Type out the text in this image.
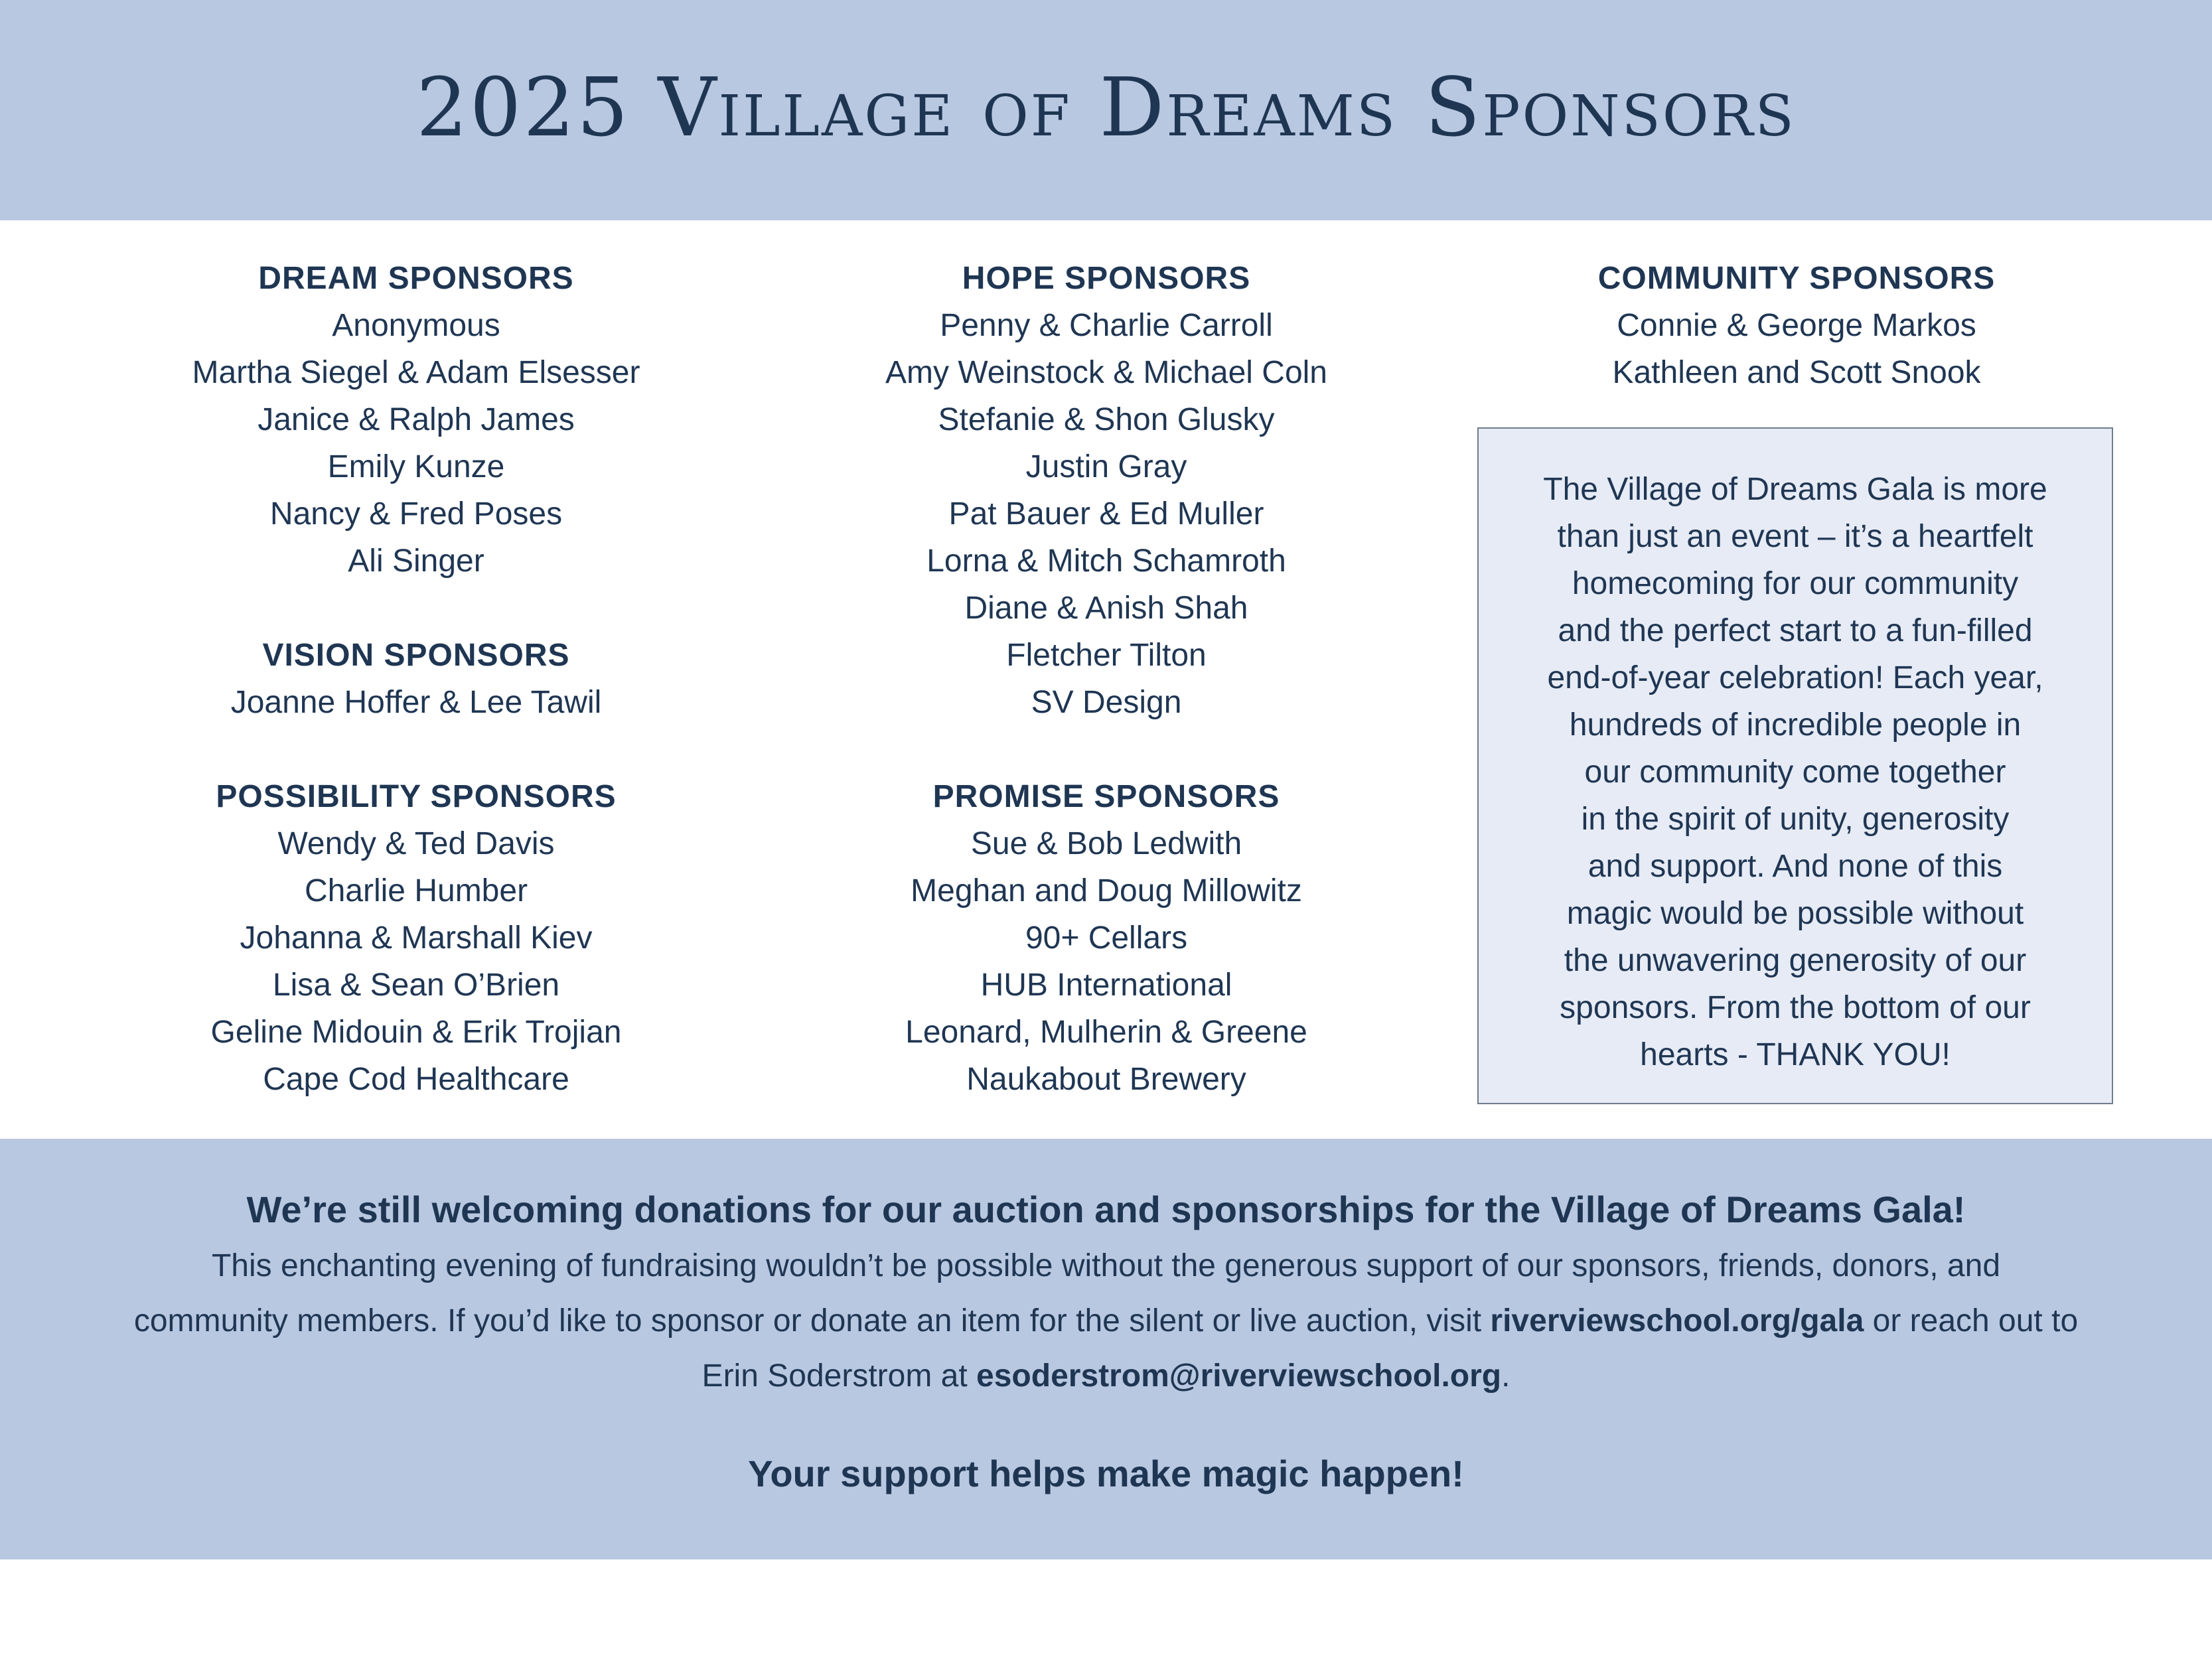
2025 Village of Dreams Sponsors
DREAM SPONSORS
Anonymous
Martha Siegel & Adam Elsesser
Janice & Ralph James
Emily Kunze
Nancy & Fred Poses
Ali Singer
VISION SPONSORS
Joanne Hoffer & Lee Tawil
POSSIBILITY SPONSORS
Wendy & Ted Davis
Charlie Humber
Johanna & Marshall Kiev
Lisa & Sean O’Brien
Geline Midouin & Erik Trojian
Cape Cod Healthcare
HOPE SPONSORS
Penny & Charlie Carroll
Amy Weinstock & Michael Coln
Stefanie & Shon Glusky
Justin Gray
Pat Bauer & Ed Muller
Lorna & Mitch Schamroth
Diane & Anish Shah
Fletcher Tilton
SV Design
PROMISE SPONSORS
Sue & Bob Ledwith
Meghan and Doug Millowitz
90+ Cellars
HUB International
Leonard, Mulherin & Greene
Naukabout Brewery
COMMUNITY SPONSORS
Connie & George Markos
Kathleen and Scott Snook
The Village of Dreams Gala is more
than just an event – it’s a heartfelt
homecoming for our community
and the perfect start to a fun-filled
end-of-year celebration! Each year,
hundreds of incredible people in
our community come together
in the spirit of unity, generosity
and support. And none of this
magic would be possible without
the unwavering generosity of our
sponsors. From the bottom of our
hearts - THANK YOU!

We’re still welcoming donations for our auction and sponsorships for the Village of Dreams Gala!

This enchanting evening of fundraising wouldn’t be possible without the generous support of our sponsors, friends, donors, and community members. If you’d like to sponsor or donate an item for the silent or live auction, visit riverviewschool.org/gala or reach out to Erin Soderstrom at esoderstrom@riverviewschool.org.

Your support helps make magic happen!
